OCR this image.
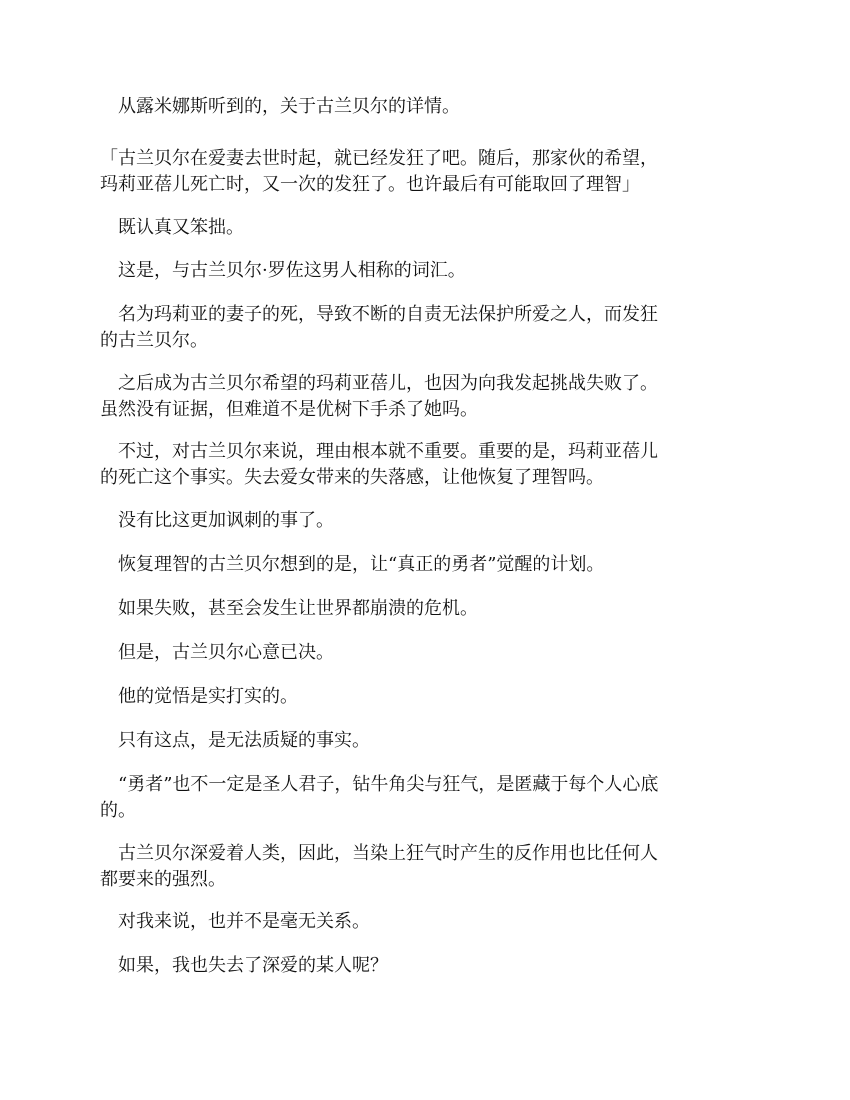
　从露米娜斯听到的，关于古兰贝尔的详情。
「古兰贝尔在爱妻去世时起，就已经发狂了吧。随后，那家伙的希望，
玛莉亚蓓儿死亡时，又一次的发狂了。也许最后有可能取回了理智」
　既认真又笨拙。
　这是，与古兰贝尔·罗佐这男人相称的词汇。
　名为玛莉亚的妻子的死，导致不断的自责无法保护所爱之人，而发狂
的古兰贝尔。
　之后成为古兰贝尔希望的玛莉亚蓓儿，也因为向我发起挑战失败了。
虽然没有证据，但难道不是优树下手杀了她吗。
　不过，对古兰贝尔来说，理由根本就不重要。重要的是，玛莉亚蓓儿
的死亡这个事实。失去爱女带来的失落感，让他恢复了理智吗。
　没有比这更加讽刺的事了。
　恢复理智的古兰贝尔想到的是，让“真正的勇者”觉醒的计划。
　如果失败，甚至会发生让世界都崩溃的危机。
　但是，古兰贝尔心意已决。
　他的觉悟是实打实的。
　只有这点，是无法质疑的事实。
　“勇者”也不一定是圣人君子，钻牛角尖与狂气，是匿藏于每个人心底
的。
　古兰贝尔深爱着人类，因此，当染上狂气时产生的反作用也比任何人
都要来的强烈。
　对我来说，也并不是毫无关系。
　如果，我也失去了深爱的某人呢？
